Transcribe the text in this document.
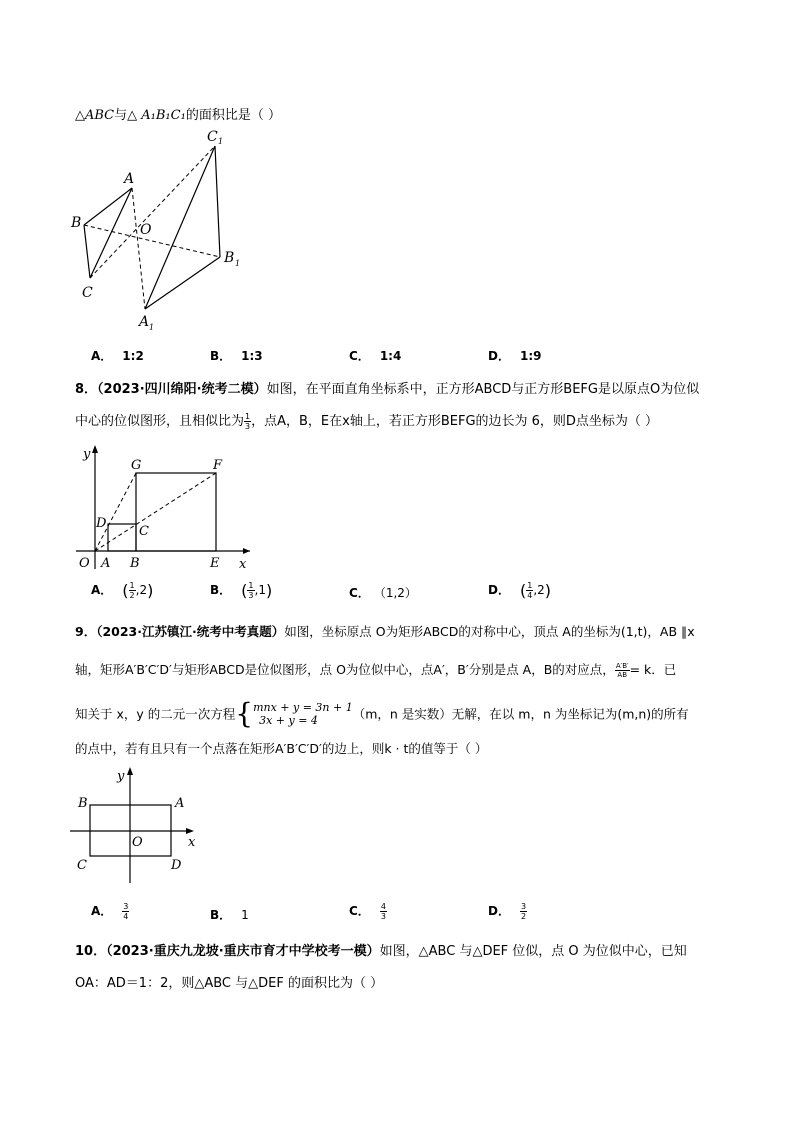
△ABC与△ A₁B₁C₁的面积比是（ ）
A
B
C
O
C 1
B 1
A 1
A． 1:2	B． 1:3	C． 1:4	D． 1:9
8．（2023·四川绵阳·统考二模）如图，在平面直角坐标系中，正方形ABCD与正方形BEFG是以原点O为位似
中心的位似图形，且相似比为 $\frac{1}{3}$ ，点A，B，E在x轴上，若正方形BEFG的边长为 6，则D点坐标为（ ）
y
x
O A B	E
D
C
G	F
A． ( $\frac{1}{2} ,2$)	B． ( $\frac{1}{3} ,1$)	C． （1,2）	D． ( $\frac{1}{4} ,2$)
9．（2023·江苏镇江·统考中考真题）如图，坐标原点 O为矩形ABCD的对称中心，顶点 A的坐标为(1,t)，AB ∥x
轴，矩形A′B′C′D′与矩形ABCD是位似图形，点 O为位似中心，点A′，B′分别是点 A，B的对应点， $\frac{A'B'}{AB} = k$．已
知关于 x，y 的二元一次方程{ mnx + y = 3n + 1
3x + y = 4	（m，n 是实数）无解，在以 m，n 为坐标记为(m,n)的所有
的点中，若有且只有一个点落在矩形A′B′C′D′的边上，则k · t的值等于（ ）
y
x
O
B	A
C	D
A． $\frac{3}{4}$	B． 1	C． $\frac{4}{3}$	D． $\frac{3}{2}$
10．（2023·重庆九龙坡·重庆市育才中学校考一模）如图，△ABC 与△DEF 位似，点 O 为位似中心，已知
OA：AD＝1：2，则△ABC 与△DEF 的面积比为（ ）
